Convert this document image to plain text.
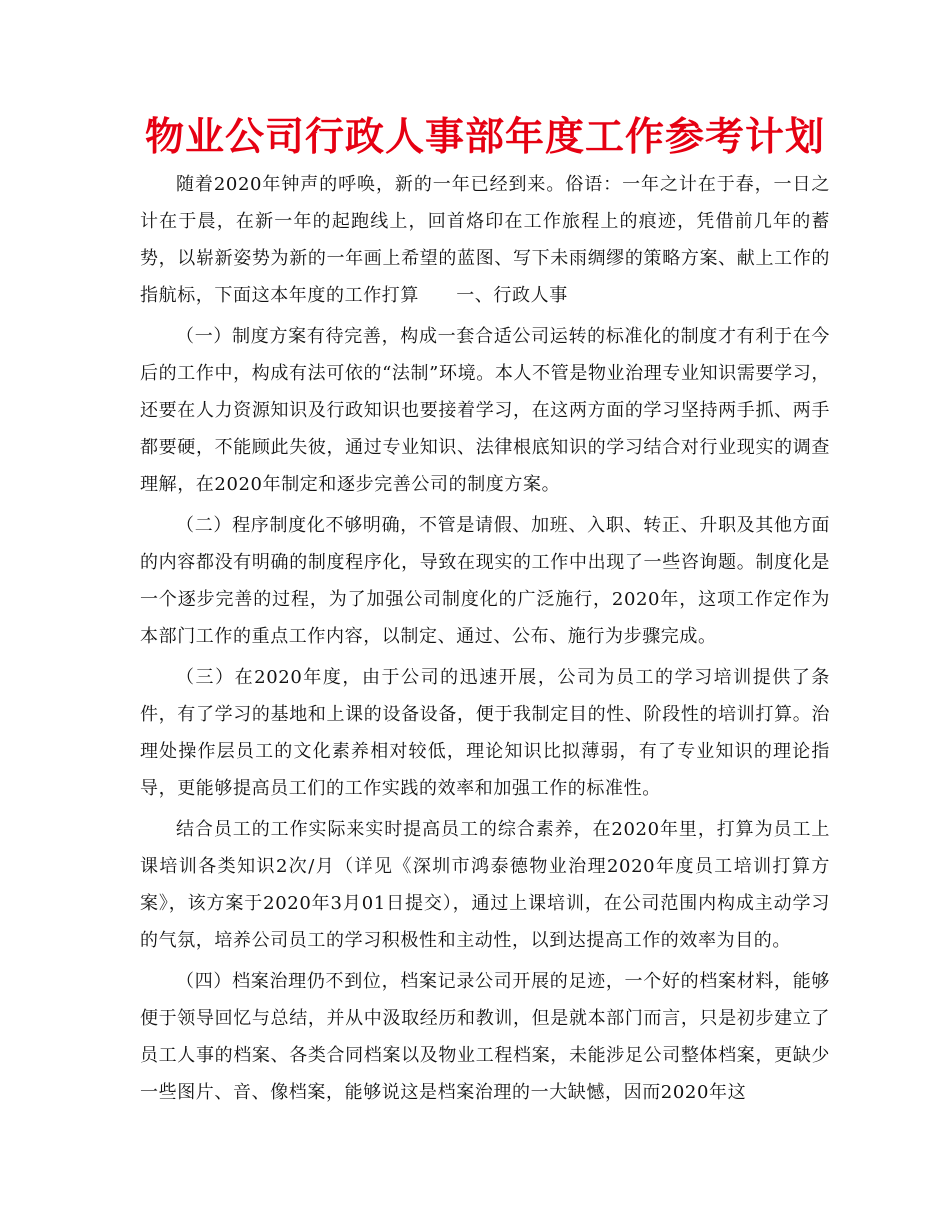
物业公司行政人事部年度工作参考计划

随着2020年钟声的呼唤，新的一年已经到来。俗语：一年之计在于春，一日之计在于晨，在新一年的起跑线上，回首烙印在工作旅程上的痕迹，凭借前几年的蓄势，以崭新姿势为新的一年画上希望的蓝图、写下未雨绸缪的策略方案、献上工作的指航标，下面这本年度的工作打算　　一、行政人事

（一）制度方案有待完善，构成一套合适公司运转的标准化的制度才有利于在今后的工作中，构成有法可依的“法制”环境。本人不管是物业治理专业知识需要学习，还要在人力资源知识及行政知识也要接着学习，在这两方面的学习坚持两手抓、两手都要硬，不能顾此失彼，通过专业知识、法律根底知识的学习结合对行业现实的调查理解，在2020年制定和逐步完善公司的制度方案。

（二）程序制度化不够明确，不管是请假、加班、入职、转正、升职及其他方面的内容都没有明确的制度程序化，导致在现实的工作中出现了一些咨询题。制度化是一个逐步完善的过程，为了加强公司制度化的广泛施行，2020年，这项工作定作为本部门工作的重点工作内容，以制定、通过、公布、施行为步骤完成。

（三）在2020年度，由于公司的迅速开展，公司为员工的学习培训提供了条件，有了学习的基地和上课的设备设备，便于我制定目的性、阶段性的培训打算。治理处操作层员工的文化素养相对较低，理论知识比拟薄弱，有了专业知识的理论指导，更能够提高员工们的工作实践的效率和加强工作的标准性。

结合员工的工作实际来实时提高员工的综合素养，在2020年里，打算为员工上课培训各类知识2次/月（详见《深圳市鸿泰德物业治理2020年度员工培训打算方案》，该方案于2020年3月01日提交），通过上课培训，在公司范围内构成主动学习的气氛，培养公司员工的学习积极性和主动性，以到达提高工作的效率为目的。

（四）档案治理仍不到位，档案记录公司开展的足迹，一个好的档案材料，能够便于领导回忆与总结，并从中汲取经历和教训，但是就本部门而言，只是初步建立了员工人事的档案、各类合同档案以及物业工程档案，未能涉足公司整体档案，更缺少一些图片、音、像档案，能够说这是档案治理的一大缺憾，因而2020年这
